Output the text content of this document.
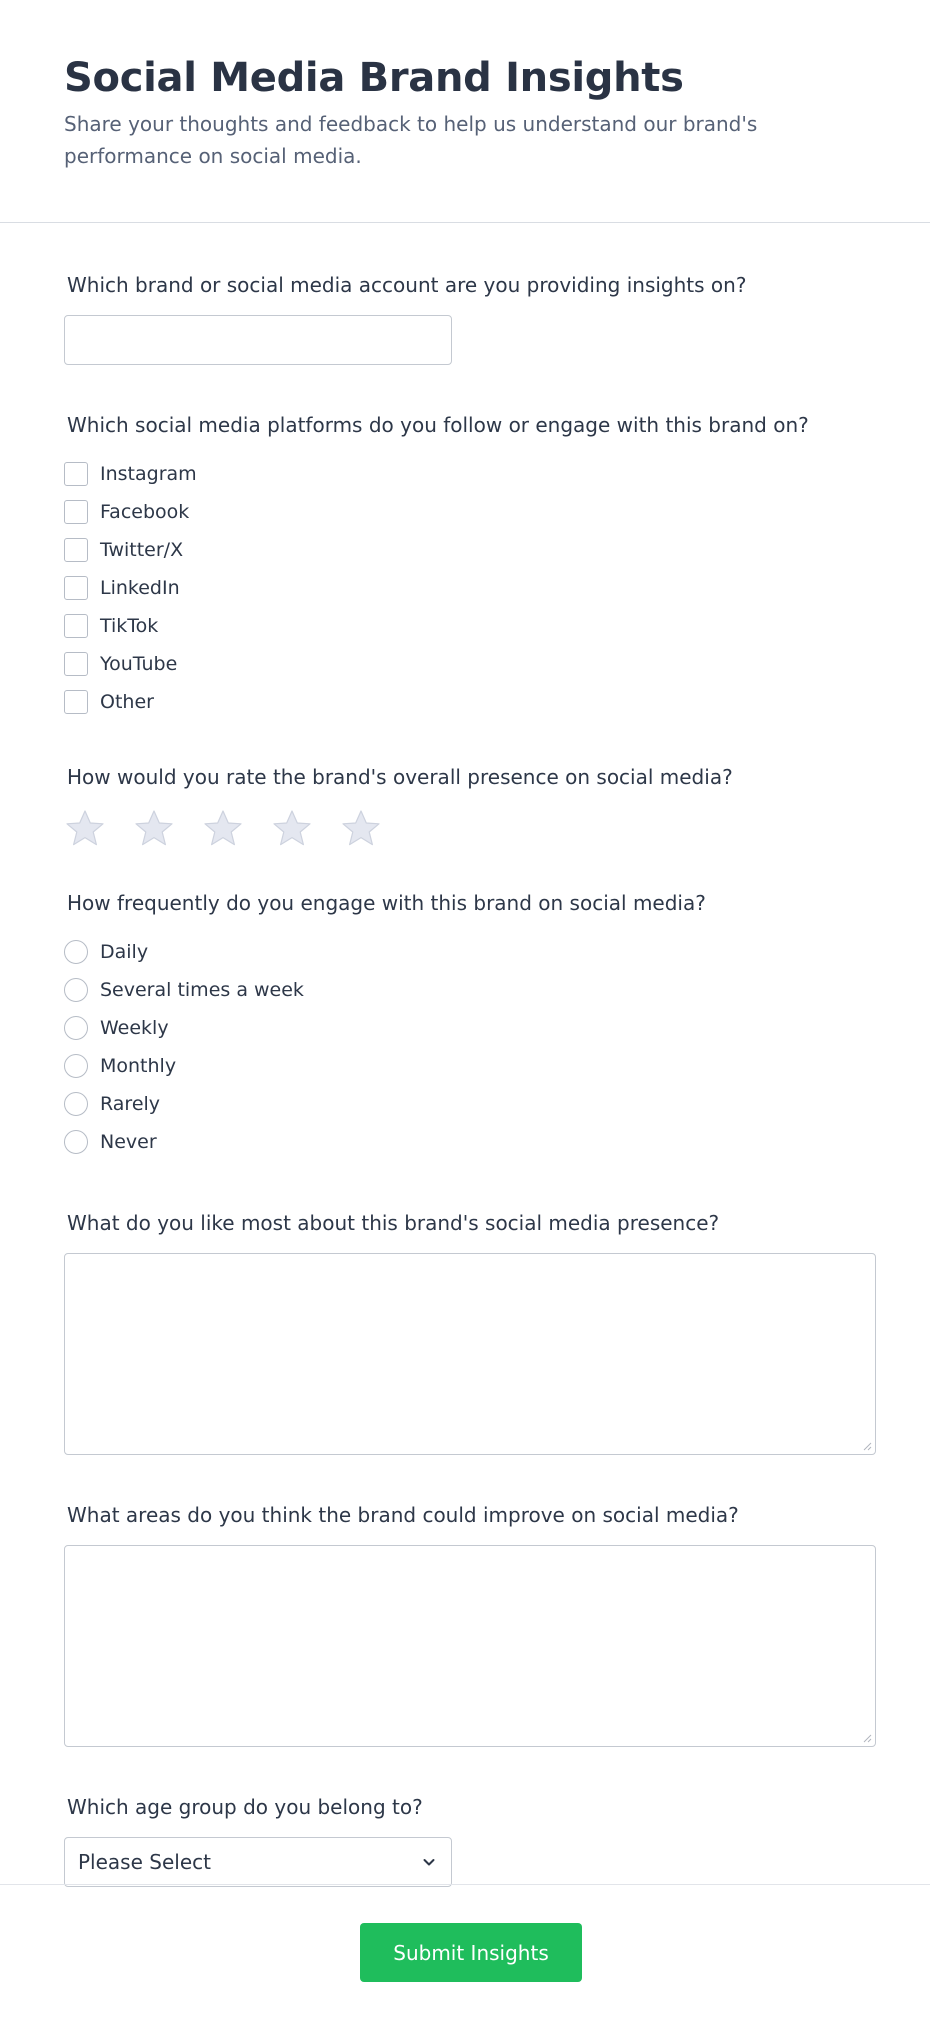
Social Media Brand Insights

Share your thoughts and feedback to help us understand our brand's performance on social media.

Which brand or social media account are you providing insights on?
Which social media platforms do you follow or engage with this brand on?
Instagram
Facebook
Twitter/X
LinkedIn
TikTok
YouTube
Other
How would you rate the brand's overall presence on social media?
How frequently do you engage with this brand on social media?
Daily
Several times a week
Weekly
Monthly
Rarely
Never
What do you like most about this brand's social media presence?
What areas do you think the brand could improve on social media?
Which age group do you belong to?
Please Select
Submit Insights
